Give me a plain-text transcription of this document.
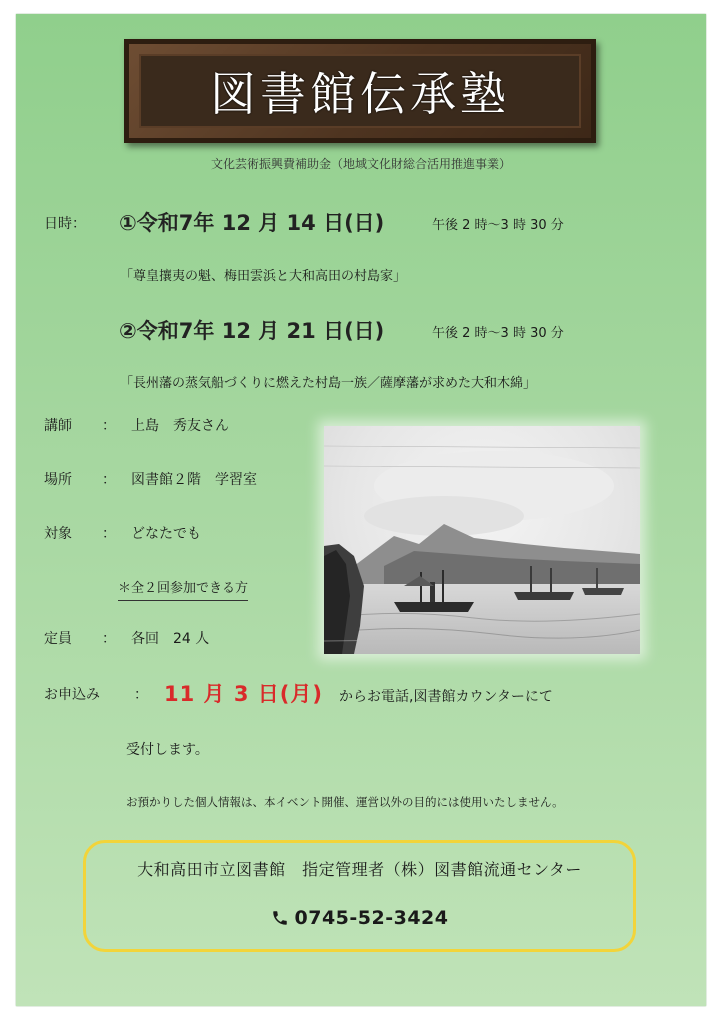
図書館伝承塾
文化芸術振興費補助金（地域文化財総合活用推進事業）
日時： ①令和7年 12 月 14 日(日)	午後 2 時～3 時 30 分
「尊皇攘夷の魁、梅田雲浜と大和高田の村島家」
②令和7年 12 月 21 日(日)	午後 2 時～3 時 30 分
「長州藩の蒸気船づくりに燃えた村島一族／薩摩藩が求めた大和木綿」
講師 ： 上島　秀友さん
場所 ： 図書館２階　学習室
対象 ： どなたでも
＊全２回参加できる方
定員 ： 各回　24 人
お申込み ： 11 月 3 日(月) からお電話,図書館カウンターにて
受付します。
お預かりした個人情報は、本イベント開催、運営以外の目的には使用いたしません。
大和高田市立図書館　指定管理者（株）図書館流通センター
0745-52-3424
